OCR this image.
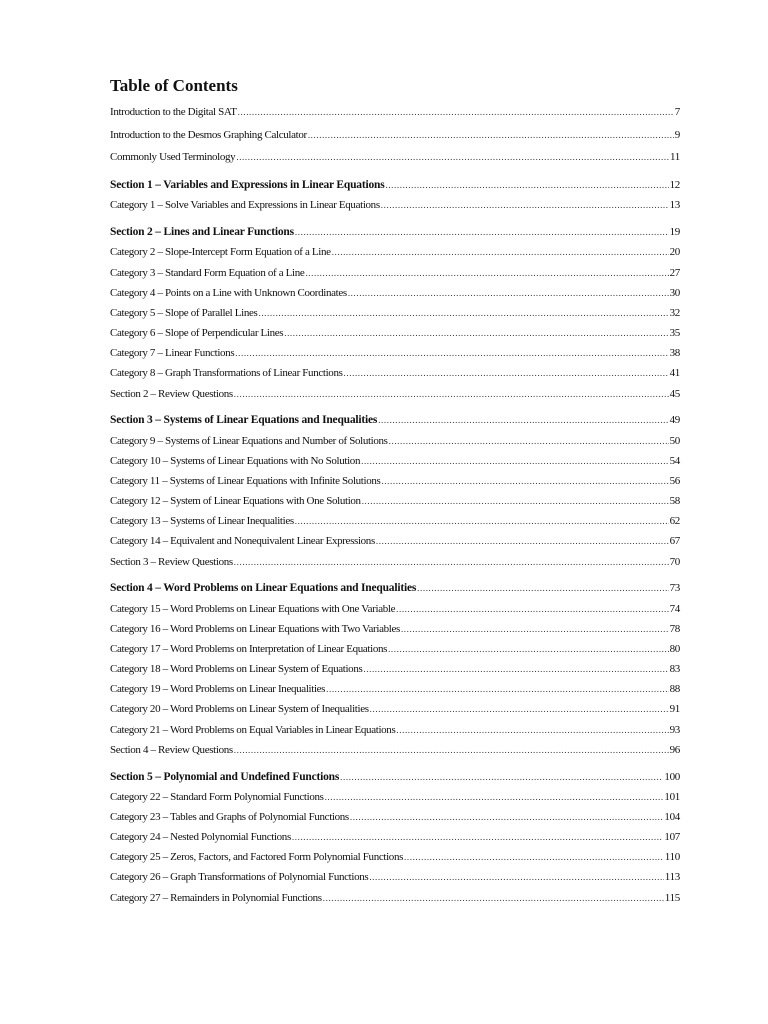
Table of Contents
Introduction to the Digital SAT .....	7
Introduction to the Desmos Graphing Calculator .....	9
Commonly Used Terminology .....	11
Section 1 – Variables and Expressions in Linear Equations .....	12
Category 1 – Solve Variables and Expressions in Linear Equations .....	13
Section 2 – Lines and Linear Functions .....	19
Category 2 – Slope-Intercept Form Equation of a Line .....	20
Category 3 – Standard Form Equation of a Line .....	27
Category 4 – Points on a Line with Unknown Coordinates .....	30
Category 5 – Slope of Parallel Lines .....	32
Category 6 – Slope of Perpendicular Lines .....	35
Category 7 – Linear Functions .....	38
Category 8 – Graph Transformations of Linear Functions .....	41
Section 2 – Review Questions .....	45
Section 3 – Systems of Linear Equations and Inequalities .....	49
Category 9 – Systems of Linear Equations and Number of Solutions .....	50
Category 10 – Systems of Linear Equations with No Solution .....	54
Category 11 – Systems of Linear Equations with Infinite Solutions .....	56
Category 12 – System of Linear Equations with One Solution .....	58
Category 13 – Systems of Linear Inequalities .....	62
Category 14 – Equivalent and Nonequivalent Linear Expressions .....	67
Section 3 – Review Questions .....	70
Section 4 – Word Problems on Linear Equations and Inequalities .....	73
Category 15 – Word Problems on Linear Equations with One Variable .....	74
Category 16 – Word Problems on Linear Equations with Two Variables .....	78
Category 17 – Word Problems on Interpretation of Linear Equations .....	80
Category 18 – Word Problems on Linear System of Equations .....	83
Category 19 – Word Problems on Linear Inequalities .....	88
Category 20 – Word Problems on Linear System of Inequalities .....	91
Category 21 – Word Problems on Equal Variables in Linear Equations .....	93
Section 4 – Review Questions .....	96
Section 5 – Polynomial and Undefined Functions .....	100
Category 22 – Standard Form Polynomial Functions .....	101
Category 23 – Tables and Graphs of Polynomial Functions .....	104
Category 24 – Nested Polynomial Functions .....	107
Category 25 – Zeros, Factors, and Factored Form Polynomial Functions .....	110
Category 26 – Graph Transformations of Polynomial Functions .....	113
Category 27 – Remainders in Polynomial Functions .....	115
